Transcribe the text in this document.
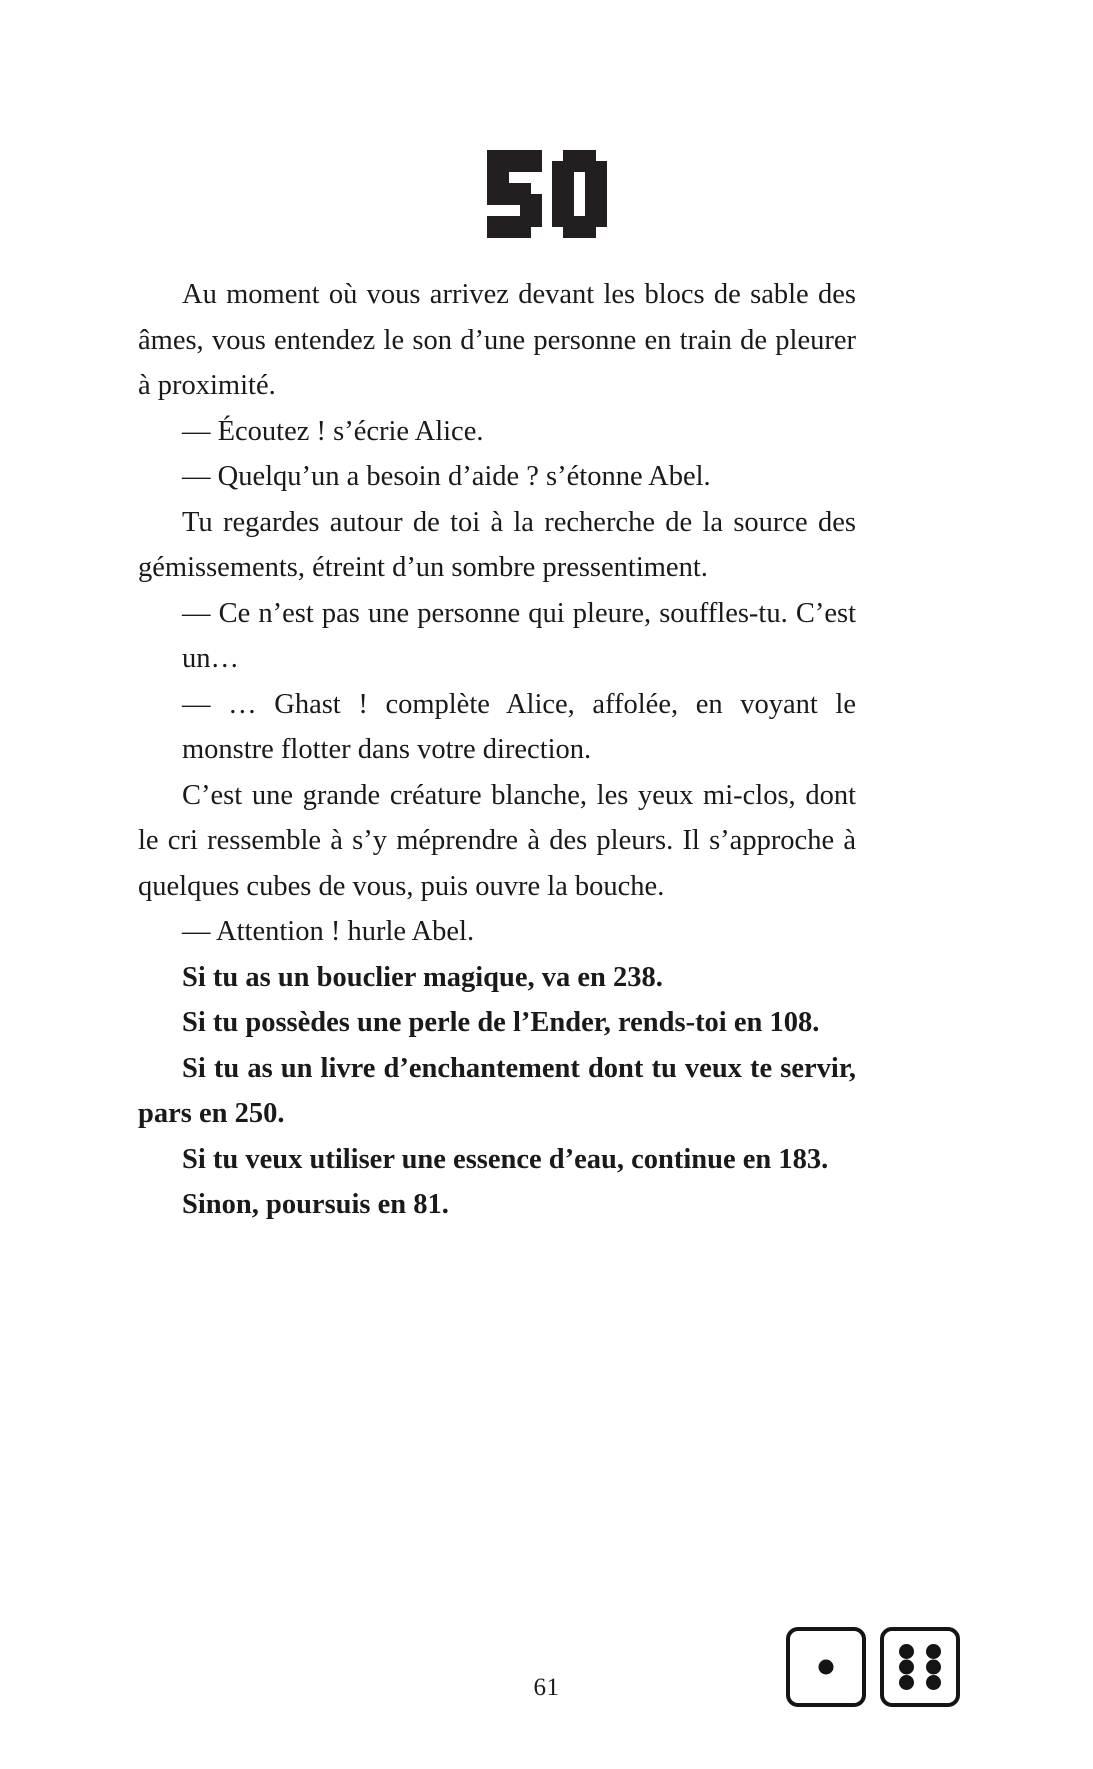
Au moment où vous arrivez devant les blocs de sable des âmes, vous entendez le son d’une personne en train de pleurer à proximité.

— Écoutez ! s’écrie Alice.

— Quelqu’un a besoin d’aide ? s’étonne Abel.

Tu regardes autour de toi à la recherche de la source des gémissements, étreint d’un sombre pressentiment.

— Ce n’est pas une personne qui pleure, souffles-tu. C’est un…

— … Ghast ! complète Alice, affolée, en voyant le monstre flotter dans votre direction.

C’est une grande créature blanche, les yeux mi-clos, dont le cri ressemble à s’y méprendre à des pleurs. Il s’approche à quelques cubes de vous, puis ouvre la bouche.

— Attention ! hurle Abel.

Si tu as un bouclier magique, va en 238.

Si tu possèdes une perle de l’Ender, rends-toi en 108.

Si tu as un livre d’enchantement dont tu veux te servir, pars en 250.

Si tu veux utiliser une essence d’eau, continue en 183.

Sinon, poursuis en 81.

61
